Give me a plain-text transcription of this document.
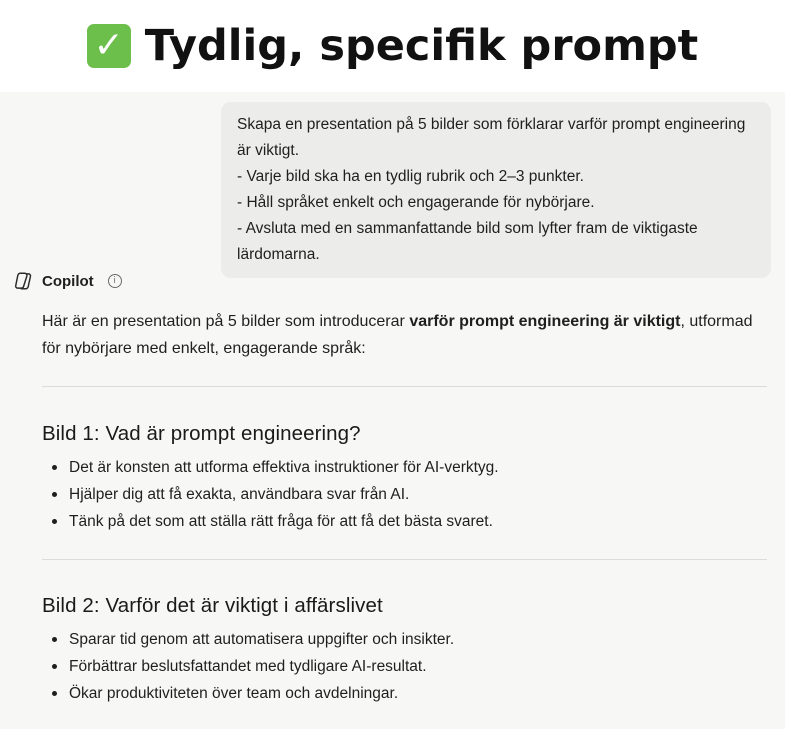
✓ Tydlig, specifik prompt

Skapa en presentation på 5 bilder som förklarar varför prompt engineering är viktigt.

- Varje bild ska ha en tydlig rubrik och 2–3 punkter.

- Håll språket enkelt och engagerande för nybörjare.

- Avsluta med en sammanfattande bild som lyfter fram de viktigaste lärdomarna.

Copilot	i

Här är en presentation på 5 bilder som introducerar varför prompt engineering är viktigt, utformad för nybörjare med enkelt, engagerande språk:

Bild 1: Vad är prompt engineering?
Det är konsten att utforma effektiva instruktioner för AI-verktyg.
Hjälper dig att få exakta, användbara svar från AI.
Tänk på det som att ställa rätt fråga för att få det bästa svaret.
Bild 2: Varför det är viktigt i affärslivet
Sparar tid genom att automatisera uppgifter och insikter.
Förbättrar beslutsfattandet med tydligare AI-resultat.
Ökar produktiviteten över team och avdelningar.
